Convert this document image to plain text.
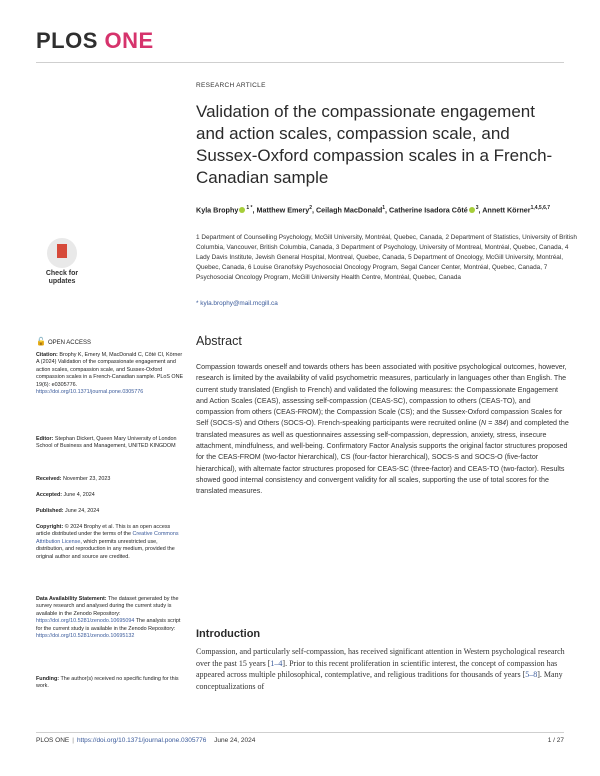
PLOS ONE
RESEARCH ARTICLE
Validation of the compassionate engagement and action scales, compassion scale, and Sussex-Oxford compassion scales in a French-Canadian sample
Kyla Brophy $^{1 *}$, Matthew Emery$^2$, Ceilagh MacDonald$^1$, Catherine Isadora Côté $^3$, Annett Körner$^{1,4,5,6,7}$
1 Department of Counselling Psychology, McGill University, Montréal, Quebec, Canada, 2 Department of Statistics, University of British Columbia, Vancouver, British Columbia, Canada, 3 Department of Psychology, University of Montreal, Montréal, Quebec, Canada, 4 Lady Davis Institute, Jewish General Hospital, Montreal, Quebec, Canada, 5 Department of Oncology, McGill University, Montréal, Quebec, Canada, 6 Louise Granofsky Psychosocial Oncology Program, Segal Cancer Center, Montréal, Quebec, Canada, 7 Psychosocial Oncology Program, McGill University Health Centre, Montréal, Quebec, Canada
* kyla.brophy@mail.mcgill.ca
Check for
updates
🔓 OPEN ACCESS
Citation: Brophy K, Emery M, MacDonald C, Côté CI, Körner A (2024) Validation of the compassionate engagement and action scales, compassion scale, and Sussex-Oxford compassion scales in a French-Canadian sample. PLoS ONE 19(6): e0305776. https://doi.org/10.1371/journal.pone.0305776
Editor: Stephan Dickert, Queen Mary University of London School of Business and Management, UNITED KINGDOM
Received: November 23, 2023
Accepted: June 4, 2024
Published: June 24, 2024
Copyright: © 2024 Brophy et al. This is an open access article distributed under the terms of the Creative Commons Attribution License, which permits unrestricted use, distribution, and reproduction in any medium, provided the original author and source are credited.
Data Availability Statement: The dataset generated by the survey research and analysed during the current study is available in the Zenodo Repository: https://doi.org/10.5281/zenodo.10695094 The analysis script for the current study is available in the Zenodo Repository: https://doi.org/10.5281/zenodo.10695132
Funding: The author(s) received no specific funding for this work.
Abstract
Compassion towards oneself and towards others has been associated with positive psychological outcomes, however, research is limited by the availability of valid psychometric measures, particularly in languages other than English. The current study translated (English to French) and validated the following measures: the Compassionate Engagement and Action Scales (CEAS), assessing self-compassion (CEAS-SC), compassion to others (CEAS-TO), and compassion from others (CEAS-FROM); the Compassion Scale (CS); and the Sussex-Oxford compassion Scales for Self (SOCS-S) and Others (SOCS-O). French-speaking participants were recruited online (N = 384) and completed the translated measures as well as questionnaires assessing self-compassion, depression, anxiety, stress, insecure attachment, mindfulness, and well-being. Confirmatory Factor Analysis supports the original factor structures proposed for the CEAS-FROM (two-factor hierarchical), CS (four-factor hierarchical), SOCS-S and SOCS-O (five-factor hierarchical), with alternate factor structures proposed for CEAS-SC (three-factor) and CEAS-TO (two-factor). Results showed good internal consistency and convergent validity for all scales, supporting the use of total scores for the translated measures.
Introduction
Compassion, and particularly self-compassion, has received significant attention in Western psychological research over the past 15 years [1–4]. Prior to this recent proliferation in scientific interest, the concept of compassion has appeared across multiple philosophical, contemplative, and religious traditions for thousands of years [5–8]. Many conceptualizations of
PLOS ONE | https://doi.org/10.1371/journal.pone.0305776 June 24, 2024	1 / 27
